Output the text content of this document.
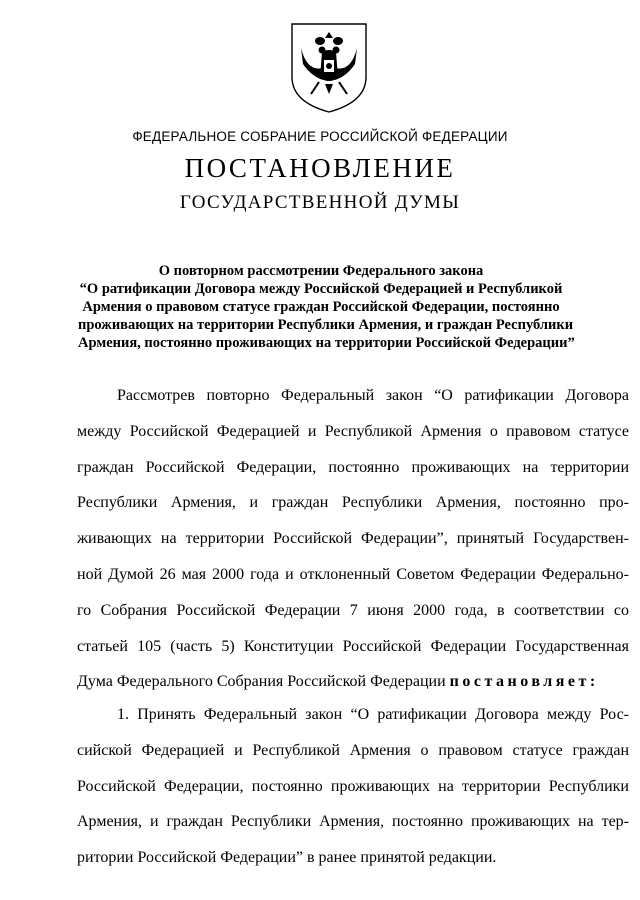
ФЕДЕРАЛЬНОЕ СОБРАНИЕ РОССИЙСКОЙ ФЕДЕРАЦИИ
ПОСТАНОВЛЕНИЕ
ГОСУДАРСТВЕННОЙ ДУМЫ
О повторном рассмотрении Федерального закона
“О ратификации Договора между Российской Федерацией и Республикой
Армения о правовом статусе граждан Российской Федерации, постоянно
проживающих на территории Республики Армения, и граждан Республики
Армения, постоянно проживающих на территории Российской Федерации”
Рассмотрев повторно Федеральный закон “О ратификации Договора
между Российской Федерацией и Республикой Армения о правовом статусе
граждан Российской Федерации, постоянно проживающих на территории
Республики Армения, и граждан Республики Армения, постоянно про-
живающих на территории Российской Федерации”, принятый Государствен-
ной Думой 26 мая 2000 года и отклоненный Советом Федерации Федерально-
го Собрания Российской Федерации 7 июня 2000 года, в соответствии со
статьей 105 (часть 5) Конституции Российской Федерации Государственная
Дума Федерального Собрания Российской Федерации постановляет:
1. Принять Федеральный закон “О ратификации Договора между Рос-
сийской Федерацией и Республикой Армения о правовом статусе граждан
Российской Федерации, постоянно проживающих на территории Республики
Армения, и граждан Республики Армения, постоянно проживающих на тер-
ритории Российской Федерации” в ранее принятой редакции.
